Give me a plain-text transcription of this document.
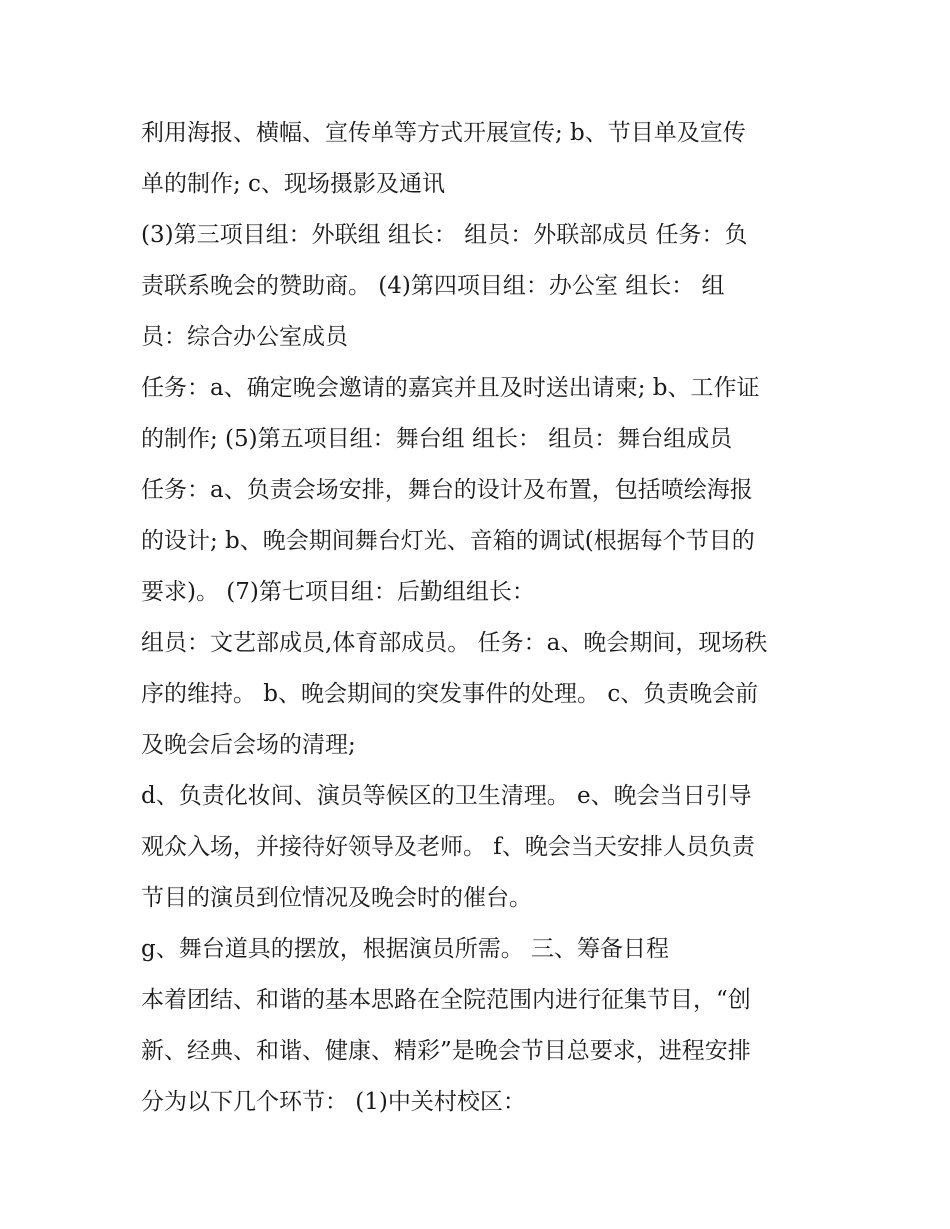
利用海报、横幅、宣传单等方式开展宣传; b、节目单及宣传
单的制作; c、现场摄影及通讯
(3)第三项目组：外联组 组长： 组员：外联部成员 任务：负
责联系晚会的赞助商。 (4)第四项目组：办公室 组长： 组
员：综合办公室成员
任务：a、确定晚会邀请的嘉宾并且及时送出请柬; b、工作证
的制作; (5)第五项目组：舞台组 组长： 组员：舞台组成员
任务：a、负责会场安排，舞台的设计及布置，包括喷绘海报
的设计; b、晚会期间舞台灯光、音箱的调试(根据每个节目的
要求)。 (7)第七项目组：后勤组组长：
组员：文艺部成员,体育部成员。 任务：a、晚会期间，现场秩
序的维持。 b、晚会期间的突发事件的处理。 c、负责晚会前
及晚会后会场的清理;
d、负责化妆间、演员等候区的卫生清理。 e、晚会当日引导
观众入场，并接待好领导及老师。 f、晚会当天安排人员负责
节目的演员到位情况及晚会时的催台。
g、舞台道具的摆放，根据演员所需。 三、筹备日程
本着团结、和谐的基本思路在全院范围内进行征集节目，“创
新、经典、和谐、健康、精彩”是晚会节目总要求，进程安排
分为以下几个环节： (1)中关村校区：
